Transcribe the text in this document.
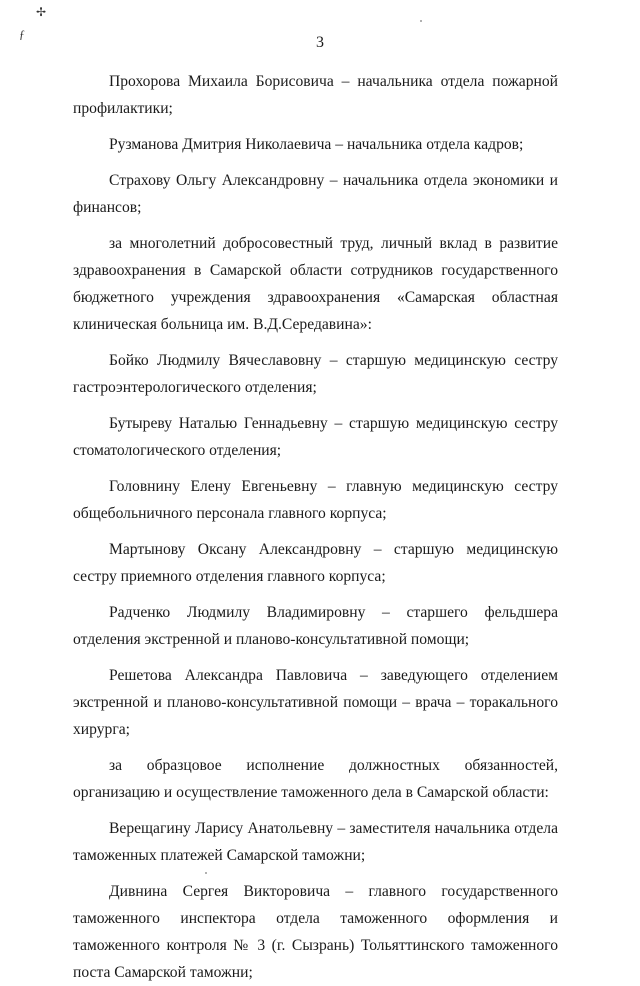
✢
ƒ	3

Прохорова Михаила Борисовича – начальника отдела пожарной профилактики;

Рузманова Дмитрия Николаевича – начальника отдела кадров;

Страхову Ольгу Александровну – начальника отдела экономики и финансов;

за многолетний добросовестный труд, личный вклад в развитие здравоохранения в Самарской области сотрудников государственного бюджетного учреждения здравоохранения «Самарская областная клиническая больница им. В.Д.Середавина»:

Бойко Людмилу Вячеславовну – старшую медицинскую сестру гастроэнтерологического отделения;

Бутыреву Наталью Геннадьевну – старшую медицинскую сестру стоматологического отделения;

Головнину Елену Евгеньевну – главную медицинскую сестру общебольничного персонала главного корпуса;

Мартынову Оксану Александровну – старшую медицинскую сестру приемного отделения главного корпуса;

Радченко Людмилу Владимировну – старшего фельдшера отделения экстренной и планово-консультативной помощи;

Решетова Александра Павловича – заведующего отделением экстренной и планово-консультативной помощи – врача – торакального хирурга;

за образцовое исполнение должностных обязанностей, организацию и осуществление таможенного дела в Самарской области:

Верещагину Ларису Анатольевну – заместителя начальника отдела таможенных платежей Самарской таможни;

Дивнина Сергея Викторовича – главного государственного таможенного инспектора отдела таможенного оформления и таможенного контроля № 3 (г. Сызрань) Тольяттинского таможенного поста Самарской таможни;
